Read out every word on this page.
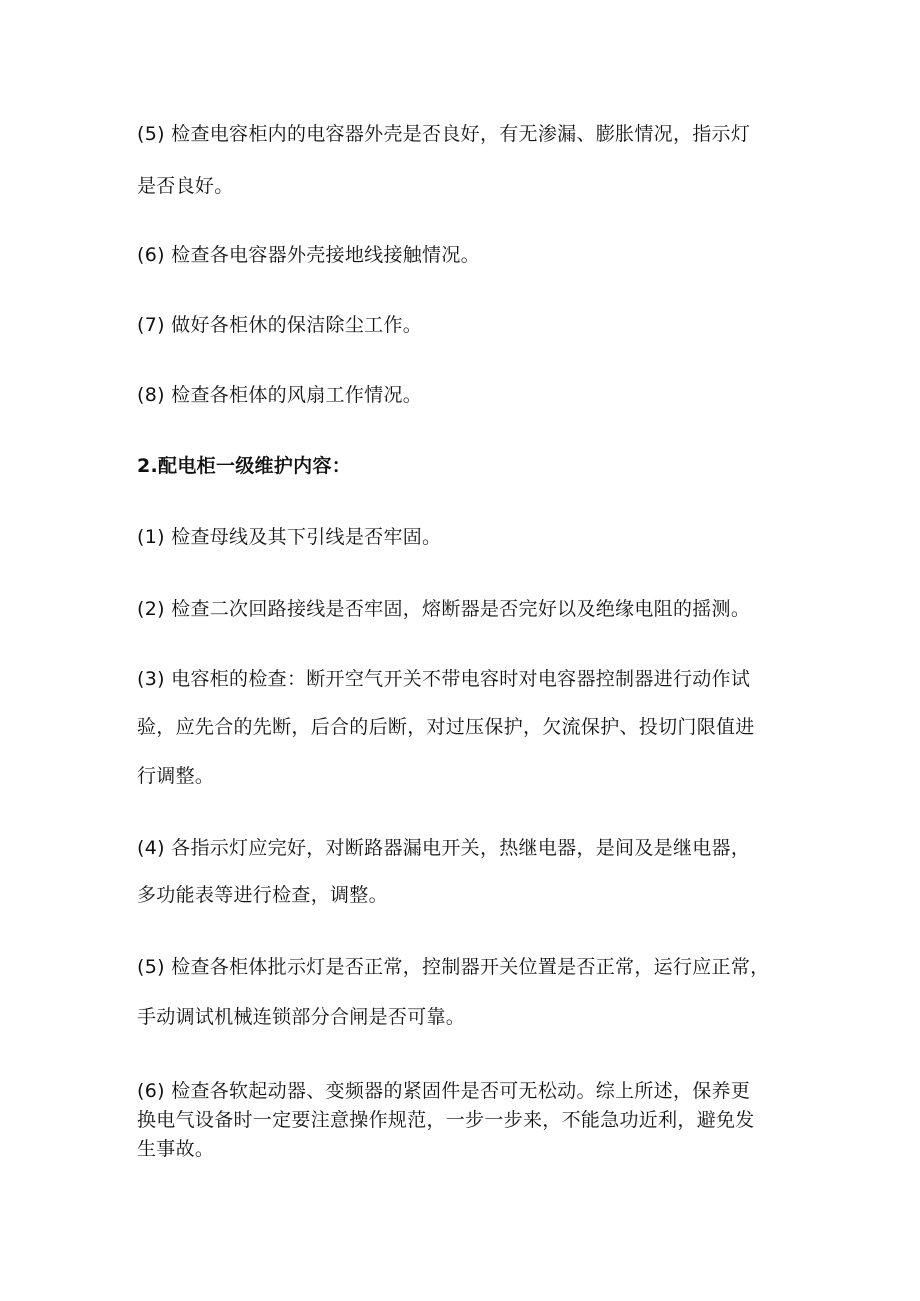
(5) 检查电容柜内的电容器外壳是否良好，有无渗漏、膨胀情况，指示灯
是否良好。
(6) 检查各电容器外壳接地线接触情况。
(7) 做好各柜休的保洁除尘工作。
(8) 检查各柜体的风扇工作情况。
2.配电柜一级维护内容：
(1) 检查母线及其下引线是否牢固。
(2) 检查二次回路接线是否牢固，熔断器是否完好以及绝缘电阻的摇测。
(3) 电容柜的检查：断开空气开关不带电容时对电容器控制器进行动作试
验，应先合的先断，后合的后断，对过压保护，欠流保护、投切门限值进
行调整。
(4) 各指示灯应完好，对断路器漏电开关，热继电器，是间及是继电器，
多功能表等进行检查，调整。
(5) 检查各柜体批示灯是否正常，控制器开关位置是否正常，运行应正常，
手动调试机械连锁部分合闸是否可靠。
(6) 检查各软起动器、变频器的紧固件是否可无松动。综上所述，保养更
换电气设备时一定要注意操作规范，一步一步来，不能急功近利，避免发
生事故。
